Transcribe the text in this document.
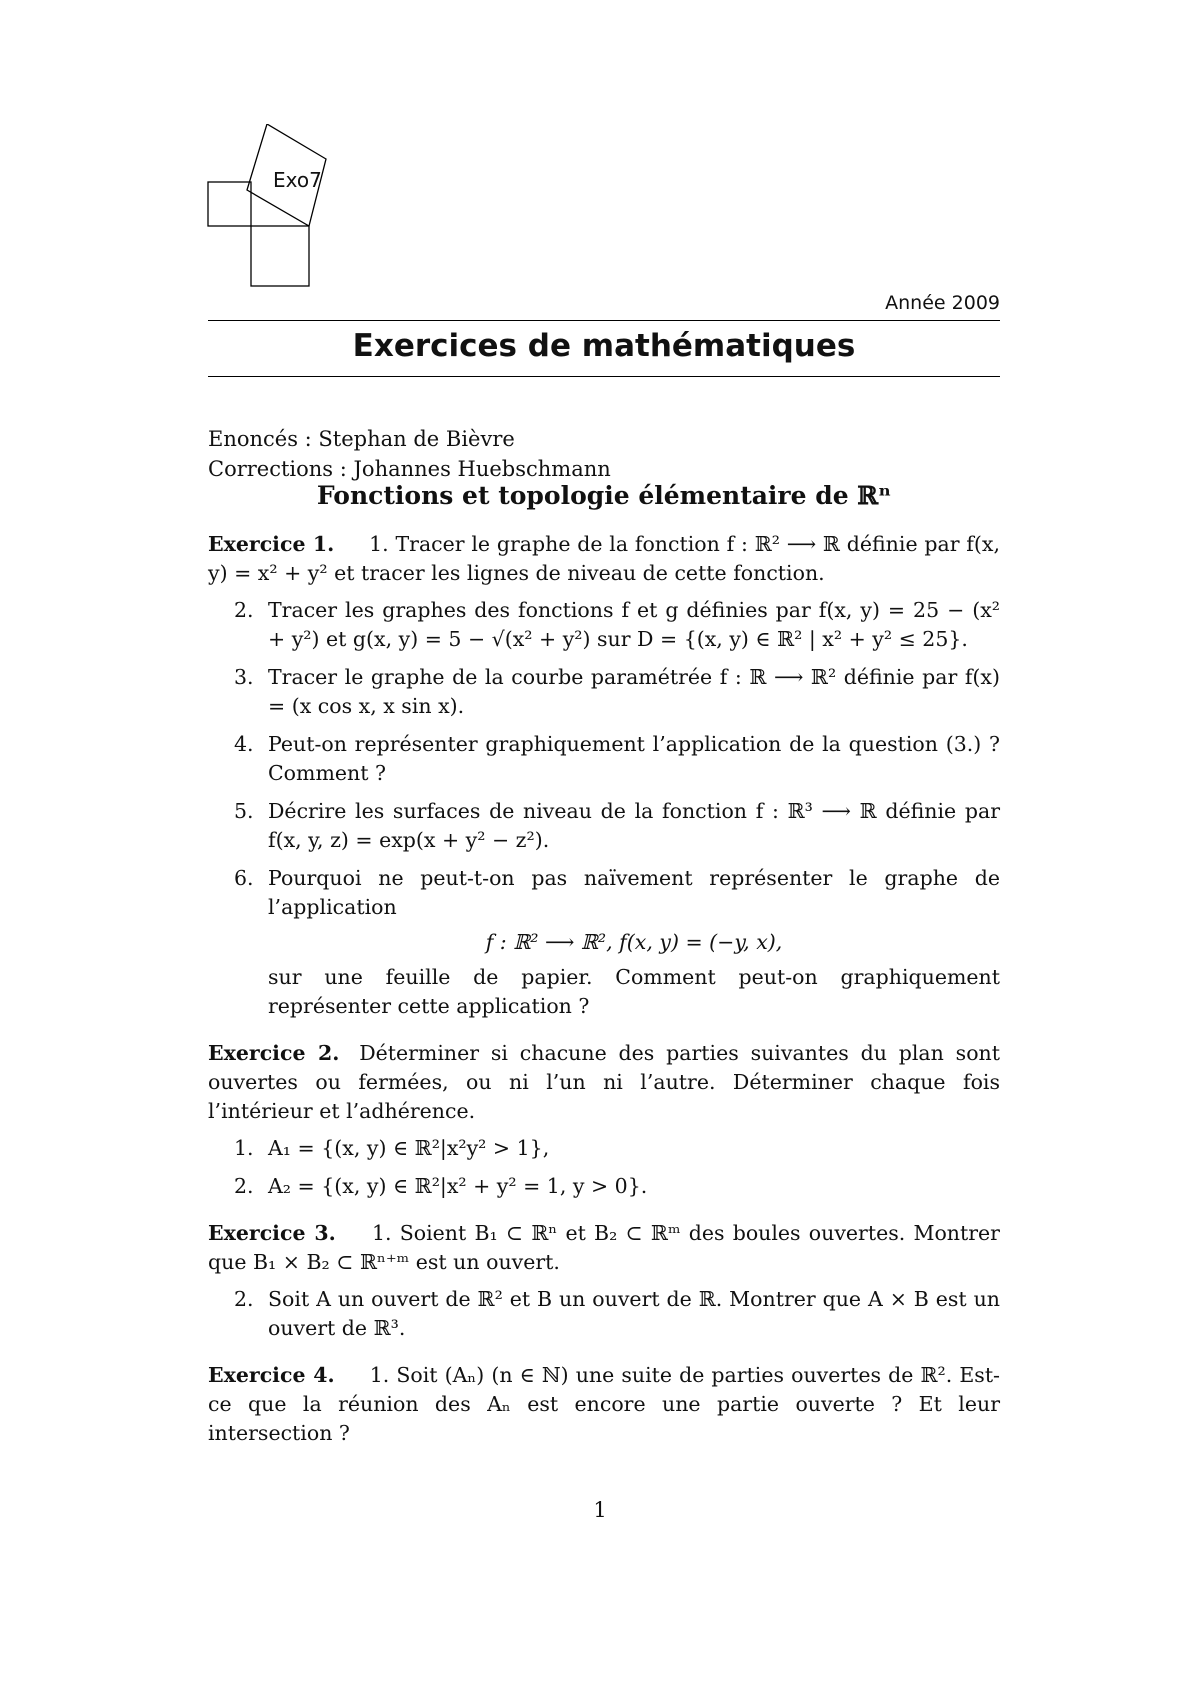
Exo7
Année 2009
Exercices de mathématiques
Enoncés : Stephan de Bièvre
Corrections : Johannes Huebschmann
Fonctions et topologie élémentaire de ℝⁿ
Exercice 1. 1. Tracer le graphe de la fonction f : ℝ² ⟶ ℝ définie par f(x, y) = x² + y² et tracer les lignes de niveau de cette fonction.
2. Tracer les graphes des fonctions f et g définies par f(x, y) = 25 − (x² + y²) et g(x, y) = 5 − √(x² + y²) sur D = {(x, y) ∈ ℝ² | x² + y² ≤ 25}.
3. Tracer le graphe de la courbe paramétrée f : ℝ ⟶ ℝ² définie par f(x) = (x cos x, x sin x).
4. Peut-on représenter graphiquement l’application de la question (3.) ? Comment ?
5. Décrire les surfaces de niveau de la fonction f : ℝ³ ⟶ ℝ définie par f(x, y, z) = exp(x + y² − z²).
6. Pourquoi ne peut-t-on pas naïvement représenter le graphe de l’application
f : ℝ² ⟶ ℝ², f(x, y) = (−y, x),
sur une feuille de papier. Comment peut-on graphiquement représenter cette application ?
Exercice 2. Déterminer si chacune des parties suivantes du plan sont ouvertes ou fermées, ou ni l’un ni l’autre. Déterminer chaque fois l’intérieur et l’adhérence.
1. A₁ = {(x, y) ∈ ℝ²|x²y² > 1},
2. A₂ = {(x, y) ∈ ℝ²|x² + y² = 1, y > 0}.
Exercice 3. 1. Soient B₁ ⊂ ℝⁿ et B₂ ⊂ ℝᵐ des boules ouvertes. Montrer que B₁ × B₂ ⊂ ℝⁿ⁺ᵐ est un ouvert.
2. Soit A un ouvert de ℝ² et B un ouvert de ℝ. Montrer que A × B est un ouvert de ℝ³.
Exercice 4. 1. Soit (Aₙ) (n ∈ ℕ) une suite de parties ouvertes de ℝ². Est-ce que la réunion des Aₙ est encore une partie ouverte ? Et leur intersection ?
1
